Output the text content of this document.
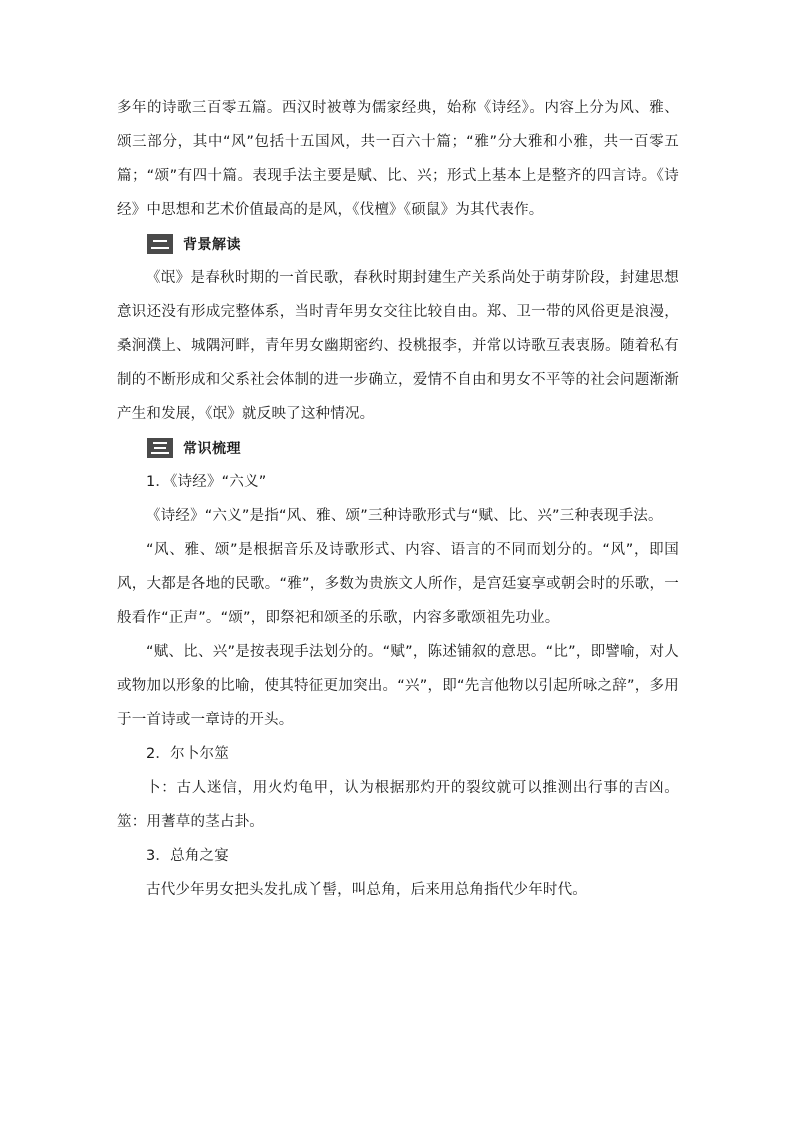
多年的诗歌三百零五篇。西汉时被尊为儒家经典，始称《诗经》。内容上分为风、雅、颂三部分，其中“风”包括十五国风，共一百六十篇；“雅”分大雅和小雅，共一百零五篇；“颂”有四十篇。表现手法主要是赋、比、兴；形式上基本上是整齐的四言诗。《诗经》中思想和艺术价值最高的是风，《伐檀》《硕鼠》为其代表作。

背景解读

《氓》是春秋时期的一首民歌，春秋时期封建生产关系尚处于萌芽阶段，封建思想意识还没有形成完整体系，当时青年男女交往比较自由。郑、卫一带的风俗更是浪漫，桑涧濮上、城隅河畔，青年男女幽期密约、投桃报李，并常以诗歌互表衷肠。随着私有制的不断形成和父系社会体制的进一步确立，爱情不自由和男女不平等的社会问题渐渐产生和发展，《氓》就反映了这种情况。

常识梳理

1．《诗经》“六义”

《诗经》“六义”是指“风、雅、颂”三种诗歌形式与“赋、比、兴”三种表现手法。

“风、雅、颂”是根据音乐及诗歌形式、内容、语言的不同而划分的。“风”，即国风，大都是各地的民歌。“雅”，多数为贵族文人所作，是宫廷宴享或朝会时的乐歌，一般看作“正声”。“颂”，即祭祀和颂圣的乐歌，内容多歌颂祖先功业。

“赋、比、兴”是按表现手法划分的。“赋”，陈述铺叙的意思。“比”，即譬喻，对人或物加以形象的比喻，使其特征更加突出。“兴”，即“先言他物以引起所咏之辞”，多用于一首诗或一章诗的开头。

2．尔卜尔筮

卜：古人迷信，用火灼龟甲，认为根据那灼开的裂纹就可以推测出行事的吉凶。筮：用蓍草的茎占卦。

3．总角之宴

古代少年男女把头发扎成丫髻，叫总角，后来用总角指代少年时代。
